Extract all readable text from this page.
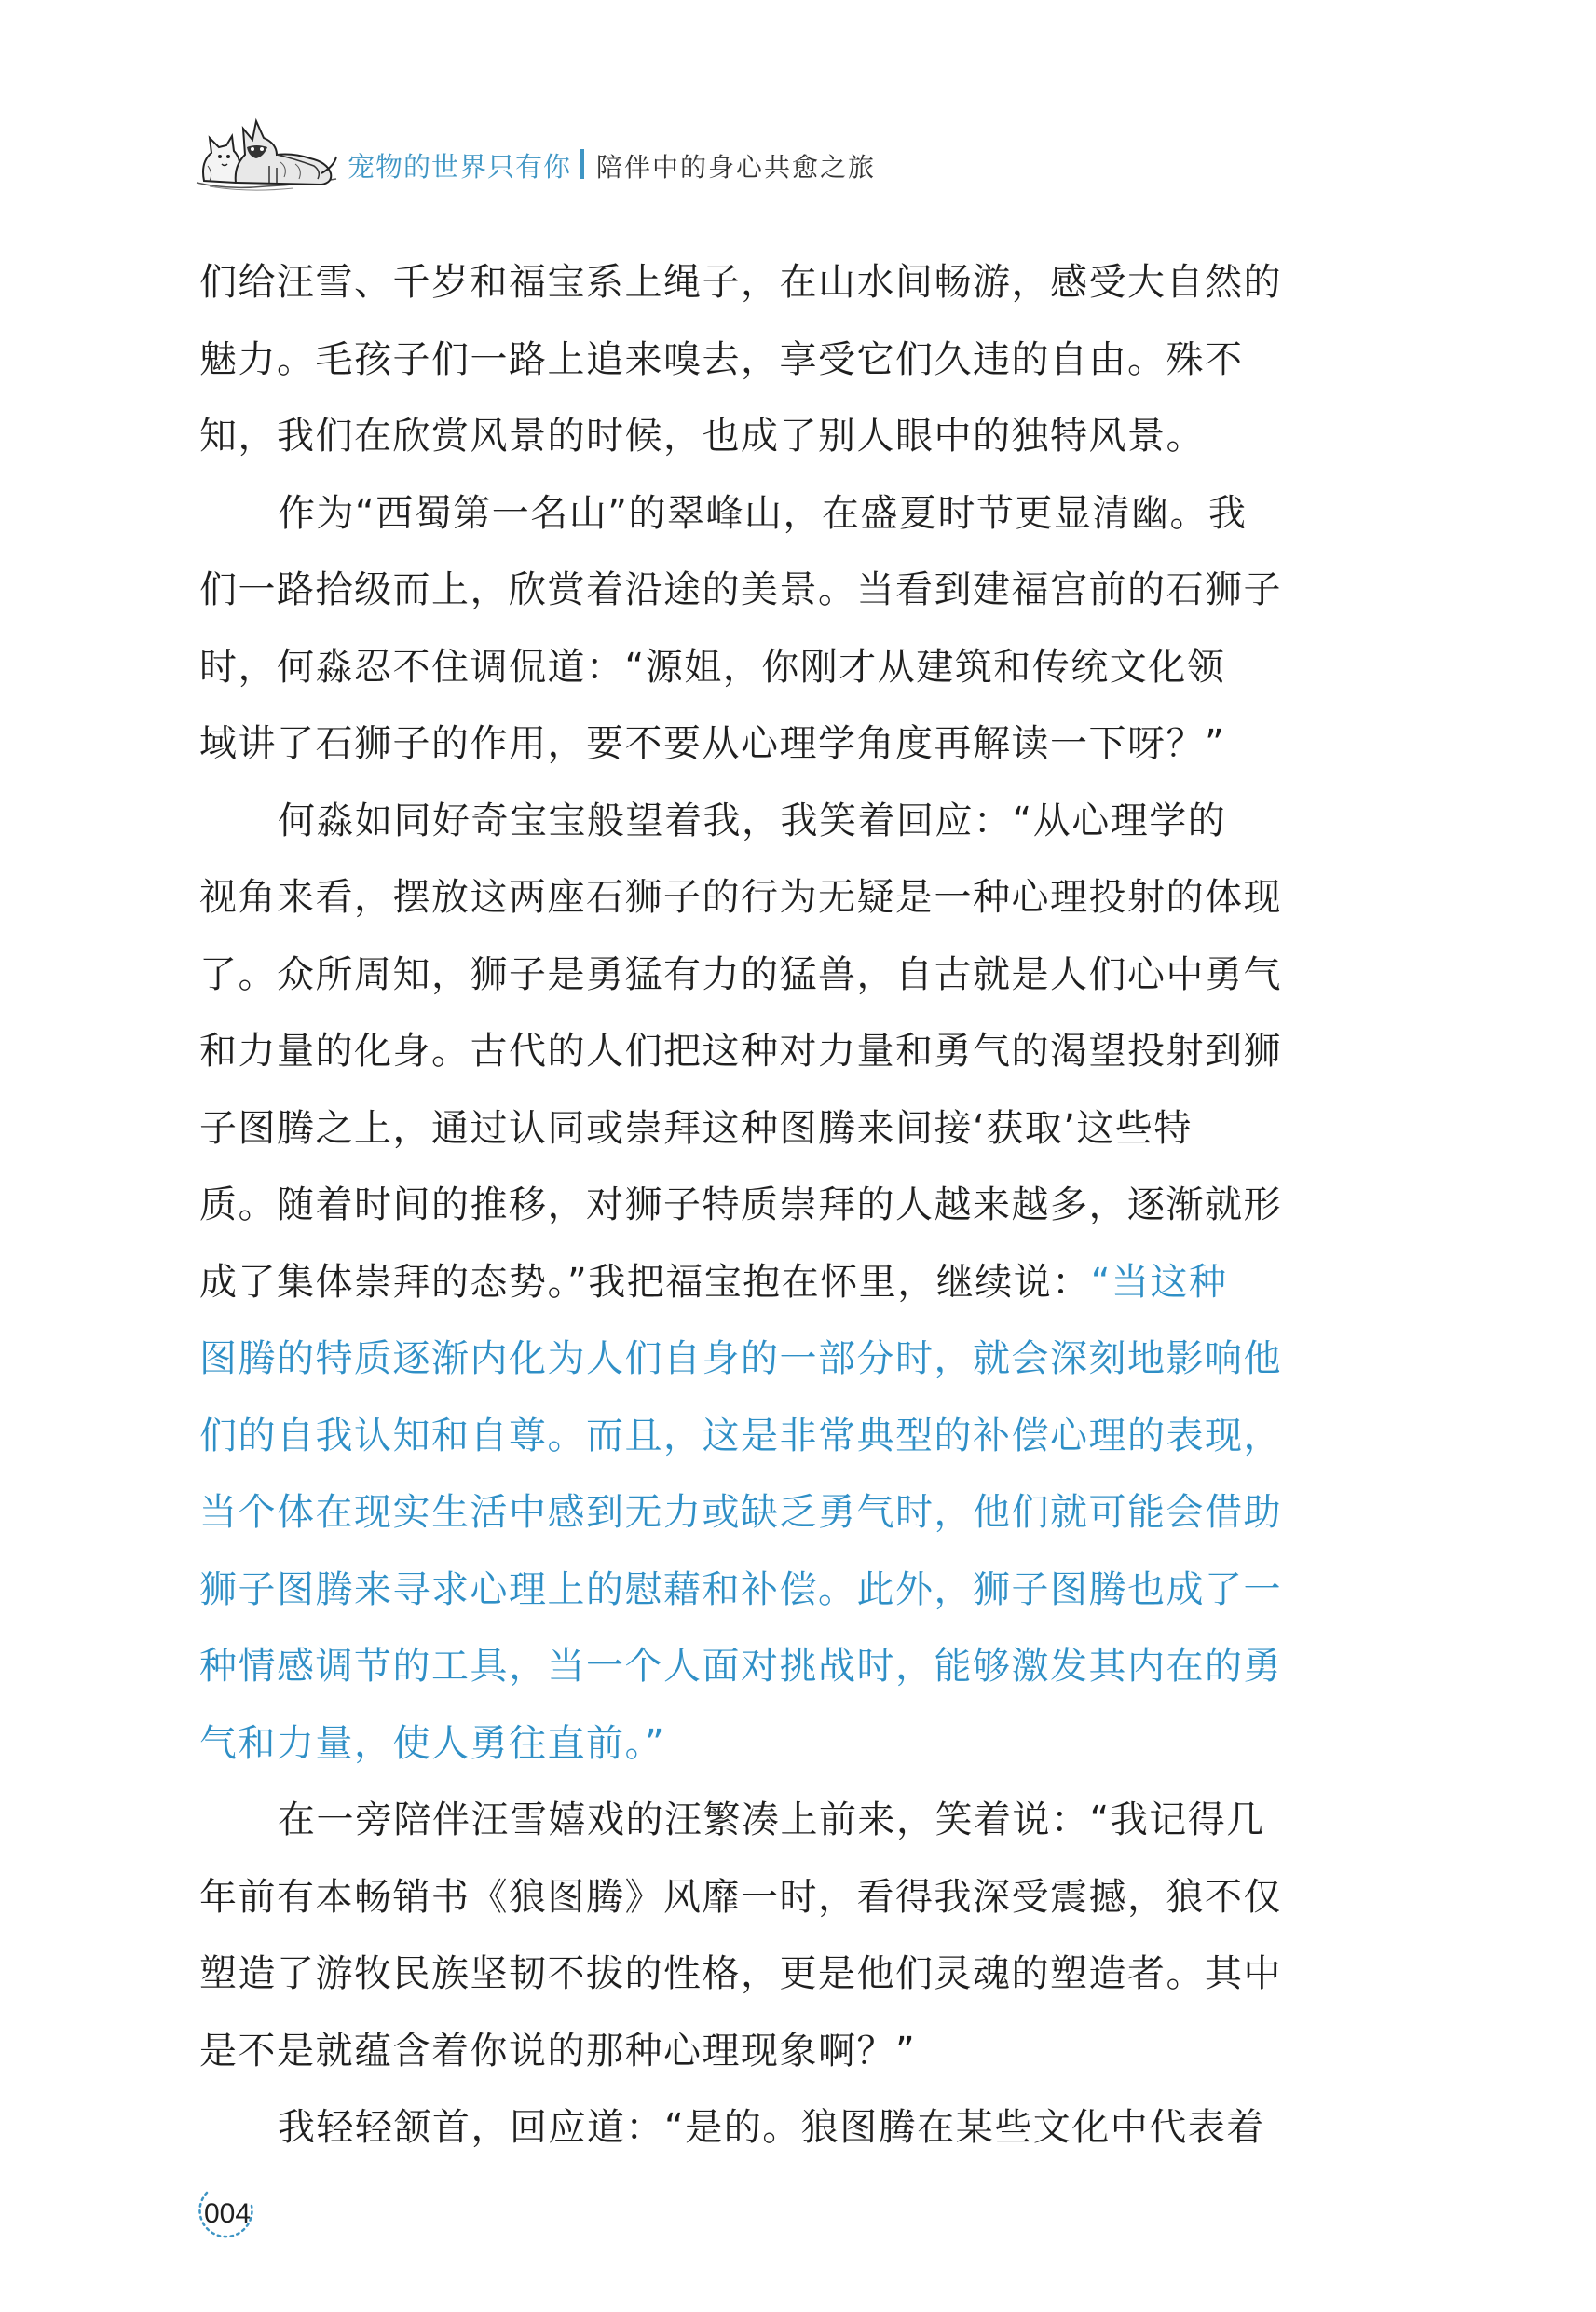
宠物的世界只有你 陪伴中的身心共愈之旅
们给汪雪、千岁和福宝系上绳子，在山水间畅游，感受大自然的
魅力。毛孩子们一路上追来嗅去，享受它们久违的自由。殊不
知，我们在欣赏风景的时候，也成了别人眼中的独特风景。
作为“西蜀第一名山”的翠峰山，在盛夏时节更显清幽。我
们一路拾级而上，欣赏着沿途的美景。当看到建福宫前的石狮子
时，何淼忍不住调侃道：“源姐，你刚才从建筑和传统文化领
域讲了石狮子的作用，要不要从心理学角度再解读一下呀？”
何淼如同好奇宝宝般望着我，我笑着回应：“从心理学的
视角来看，摆放这两座石狮子的行为无疑是一种心理投射的体现
了。众所周知，狮子是勇猛有力的猛兽，自古就是人们心中勇气
和力量的化身。古代的人们把这种对力量和勇气的渴望投射到狮
子图腾之上，通过认同或崇拜这种图腾来间接‘获取’这些特
质。随着时间的推移，对狮子特质崇拜的人越来越多，逐渐就形
成了集体崇拜的态势。”我把福宝抱在怀里，继续说：“当这种
图腾的特质逐渐内化为人们自身的一部分时，就会深刻地影响他
们的自我认知和自尊。而且，这是非常典型的补偿心理的表现，
当个体在现实生活中感到无力或缺乏勇气时，他们就可能会借助
狮子图腾来寻求心理上的慰藉和补偿。此外，狮子图腾也成了一
种情感调节的工具，当一个人面对挑战时，能够激发其内在的勇
气和力量，使人勇往直前。”
在一旁陪伴汪雪嬉戏的汪繁凑上前来，笑着说：“我记得几
年前有本畅销书《狼图腾》风靡一时，看得我深受震撼，狼不仅
塑造了游牧民族坚韧不拔的性格，更是他们灵魂的塑造者。其中
是不是就蕴含着你说的那种心理现象啊？”
我轻轻颔首，回应道：“是的。狼图腾在某些文化中代表着
004
